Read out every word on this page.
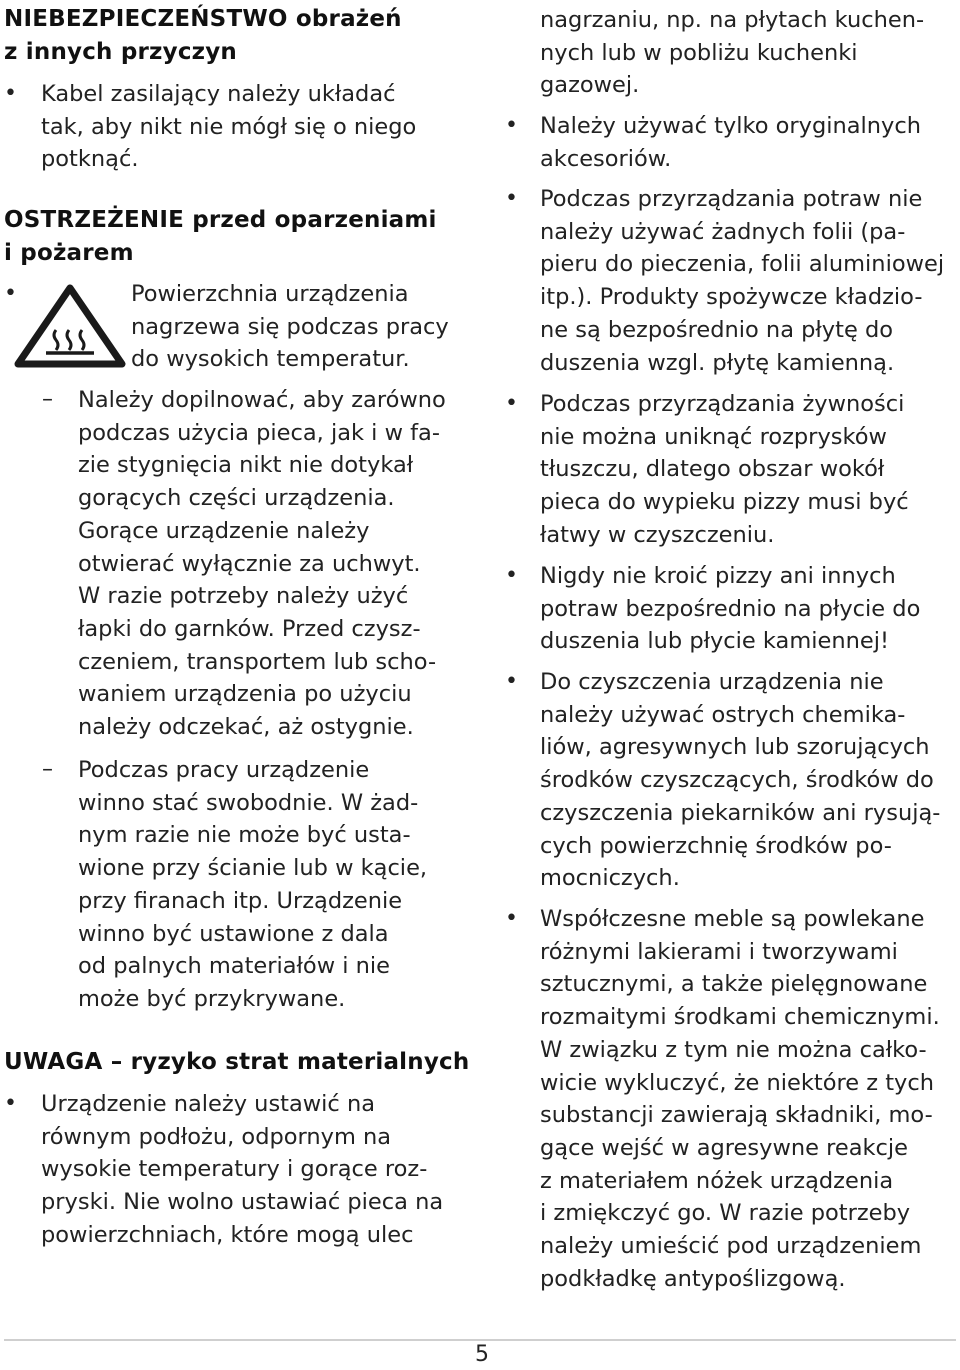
NIEBEZPIECZEŃSTWO obrażeń
z innych przyczyn
• Kabel zasilający należy układać
tak, aby nikt nie mógł się o niego
potknąć.
OSTRZEŻENIE przed oparzeniami
i pożarem
•	Powierzchnia urządzenia
nagrzewa się podczas pracy
do wysokich temperatur.
– Należy dopilnować, aby zarówno
podczas użycia pieca, jak i w fa-
zie stygnięcia nikt nie dotykał
gorących części urządzenia.
Gorące urządzenie należy
otwierać wyłącznie za uchwyt.
W razie potrzeby należy użyć
łapki do garnków. Przed czysz-
czeniem, transportem lub scho-
waniem urządzenia po użyciu
należy odczekać, aż ostygnie.
– Podczas pracy urządzenie
winno stać swobodnie. W żad-
nym razie nie może być usta-
wione przy ścianie lub w kącie,
przy firanach itp. Urządzenie
winno być ustawione z dala
od palnych materiałów i nie
może być przykrywane.
UWAGA – ryzyko strat materialnych
• Urządzenie należy ustawić na
równym podłożu, odpornym na
wysokie temperatury i gorące roz-
pryski. Nie wolno ustawiać pieca na
powierzchniach, które mogą ulec
nagrzaniu, np. na płytach kuchen-
nych lub w pobliżu kuchenki
gazowej.
• Należy używać tylko oryginalnych
akcesoriów.
• Podczas przyrządzania potraw nie
należy używać żadnych folii (pa-
pieru do pieczenia, folii aluminiowej
itp.). Produkty spożywcze kładzio-
ne są bezpośrednio na płytę do
duszenia wzgl. płytę kamienną.
• Podczas przyrządzania żywności
nie można uniknąć rozprysków
tłuszczu, dlatego obszar wokół
pieca do wypieku pizzy musi być
łatwy w czyszczeniu.
• Nigdy nie kroić pizzy ani innych
potraw bezpośrednio na płycie do
duszenia lub płycie kamiennej!
• Do czyszczenia urządzenia nie
należy używać ostrych chemika-
liów, agresywnych lub szorujących
środków czyszczących, środków do
czyszczenia piekarników ani rysują-
cych powierzchnię środków po-
mocniczych.
• Współczesne meble są powlekane
różnymi lakierami i tworzywami
sztucznymi, a także pielęgnowane
rozmaitymi środkami chemicznymi.
W związku z tym nie można całko-
wicie wykluczyć, że niektóre z tych
substancji zawierają składniki, mo-
gące wejść w agresywne reakcje
z materiałem nóżek urządzenia
i zmiękczyć go. W razie potrzeby
należy umieścić pod urządzeniem
podkładkę antypoślizgową.
5
